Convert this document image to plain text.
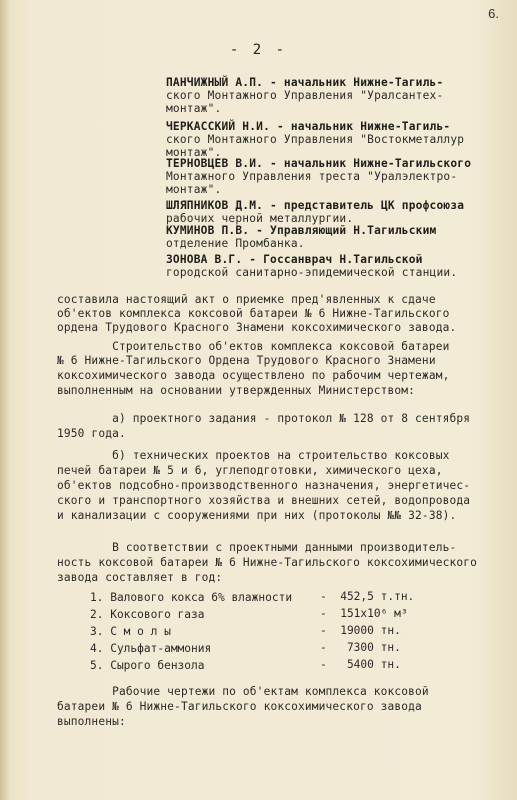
6.
- 2 -
ПАНЧИЖНЫЙ А.П. - начальник Нижне-Тагиль-
ского Монтажного Управления "Уралсантех-
монтаж".
ЧЕРКАССКИЙ Н.И. - начальник Нижне-Тагиль-
ского Монтажного Управления "Востокметаллур
монтаж".
ТЕРНОВЦЕВ В.И. - начальник Нижне-Тагильского
Монтажного Управления треста "Уралэлектро-
монтаж".
ШЛЯПНИКОВ Д.М. - представитель ЦК профсоюза
рабочих черной металлургии.
КУМИНОВ П.В. - Управляющий Н.Тагильским
отделение Промбанка.
ЗОНОВА В.Г. - Госсанврач Н.Тагильской
городской санитарно-эпидемической станции.
составила настоящий акт о приемке пред'явленных к сдаче
об'ектов комплекса коксовой батареи № 6 Нижне-Тагильского
ордена Трудового Красного Знамени коксохимического завода.
Строительство об'ектов комплекса коксовой батареи
№ 6 Нижне-Тагильского Ордена Трудового Красного Знамени
коксохимического завода осуществлено по рабочим чертежам,
выполненным на основании утвержденных Министерством:
а) проектного задания - протокол № 128 от 8 сентября
1950 года.
б) технических проектов на строительство коксовых
печей батареи № 5 и 6, углеподготовки, химического цеха,
об'ектов подсобно-производственного назначения, энергетичес-
ского и транспортного хозяйства и внешних сетей, водопровода
и канализации с сооружениями при них (протоколы №№ 32-38).
В соответствии с проектными данными производитель-
ность коксовой батареи № 6 Нижне-Тагильского коксохимического
завода составляет в год:
1. Валового кокса 6% влажности -  452,5 т.тн.
2. Коксового газа	-  151х10⁶ м³
3. С м о л ы	-  19000 тн.
4. Сульфат-аммония	-   7300 тн.
5. Сырого бензола	-   5400 тн.
Рабочие чертежи по об'ектам комплекса коксовой
батареи № 6 Нижне-Тагильского коксохимического завода
выполнены:
